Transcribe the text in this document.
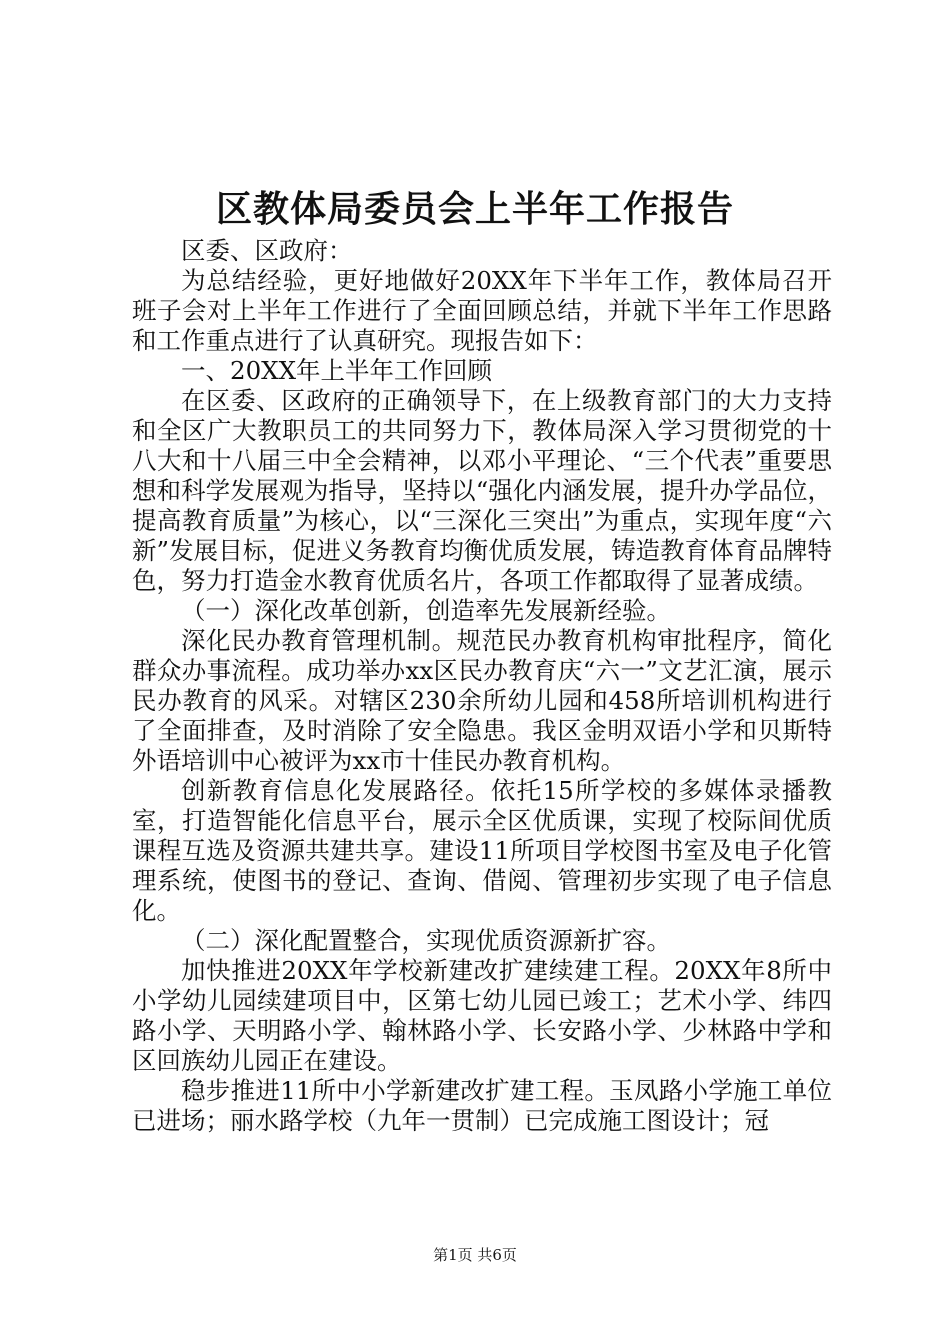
区教体局委员会上半年工作报告

区委、区政府：

为总结经验，更好地做好20XX年下半年工作，教体局召开班子会对上半年工作进行了全面回顾总结，并就下半年工作思路和工作重点进行了认真研究。现报告如下：

一、20XX年上半年工作回顾

在区委、区政府的正确领导下，在上级教育部门的大力支持和全区广大教职员工的共同努力下，教体局深入学习贯彻党的十八大和十八届三中全会精神，以邓小平理论、“三个代表”重要思想和科学发展观为指导，坚持以“强化内涵发展，提升办学品位，提高教育质量”为核心，以“三深化三突出”为重点，实现年度“六新”发展目标，促进义务教育均衡优质发展，铸造教育体育品牌特色，努力打造金水教育优质名片，各项工作都取得了显著成绩。

（一）深化改革创新，创造率先发展新经验。

深化民办教育管理机制。规范民办教育机构审批程序，简化群众办事流程。成功举办xx区民办教育庆“六一”文艺汇演，展示民办教育的风采。对辖区230余所幼儿园和458所培训机构进行了全面排查，及时消除了安全隐患。我区金明双语小学和贝斯特外语培训中心被评为xx市十佳民办教育机构。

创新教育信息化发展路径。依托15所学校的多媒体录播教室，打造智能化信息平台，展示全区优质课，实现了校际间优质课程互选及资源共建共享。建设11所项目学校图书室及电子化管理系统，使图书的登记、查询、借阅、管理初步实现了电子信息化。

（二）深化配置整合，实现优质资源新扩容。

加快推进20XX年学校新建改扩建续建工程。20XX年8所中小学幼儿园续建项目中，区第七幼儿园已竣工；艺术小学、纬四路小学、天明路小学、翰林路小学、长安路小学、少林路中学和区回族幼儿园正在建设。

稳步推进11所中小学新建改扩建工程。玉凤路小学施工单位已进场；丽水路学校（九年一贯制）已完成施工图设计；冠

第1页 共6页
